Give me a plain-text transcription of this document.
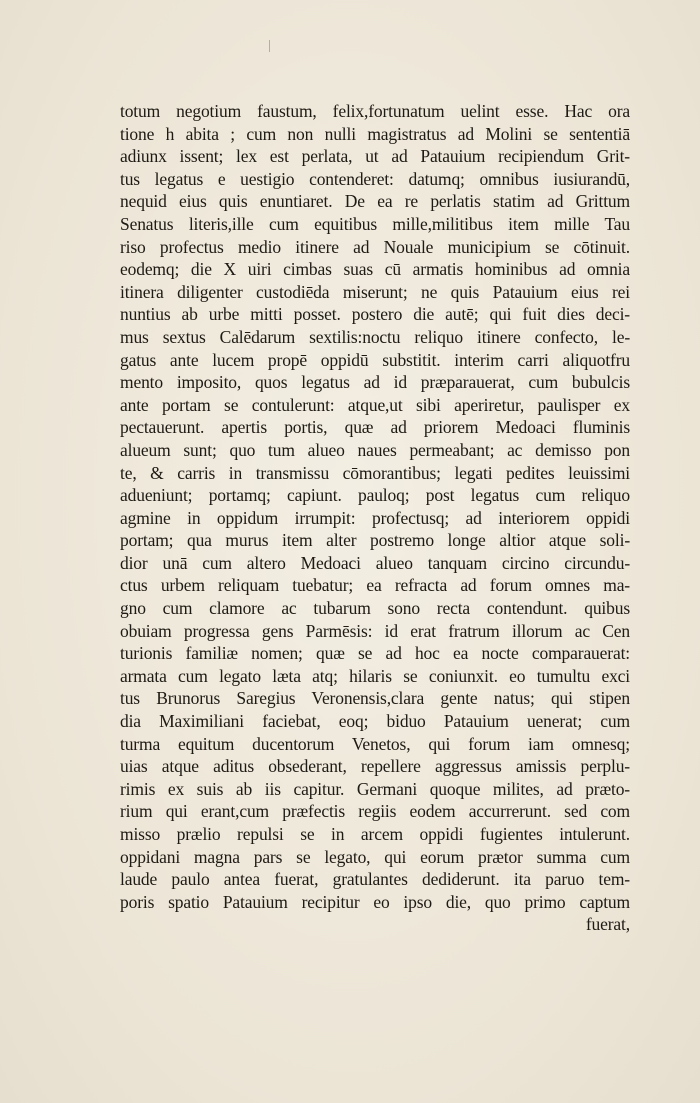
totum negotium faustum, felix,fortunatum uelint esse. Hac ora
tione h abita ; cum non nulli magistratus ad Molini se sententiā
adiunx issent; lex est perlata, ut ad Patauium recipiendum Grit-
tus legatus e uestigio contenderet: datumq; omnibus iusiurandū,
nequid eius quis enuntiaret. De ea re perlatis statim ad Grittum
Senatus literis,ille cum equitibus mille,militibus item mille Tau
riso profectus medio itinere ad Nouale municipium se cōtinuit.
eodemq; die X uiri cimbas suas cū armatis hominibus ad omnia
itinera diligenter custodiēda miserunt; ne quis Patauium eius rei
nuntius ab urbe mitti posset. postero die autē; qui fuit dies deci-
mus sextus Calēdarum sextilis:noctu reliquo itinere confecto, le-
gatus ante lucem propē oppidū substitit. interim carri aliquotfru
mento imposito, quos legatus ad id præparauerat, cum bubulcis
ante portam se contulerunt: atque,ut sibi aperiretur, paulisper ex
pectauerunt. apertis portis, quæ ad priorem Medoaci fluminis
alueum sunt; quo tum alueo naues permeabant; ac demisso pon
te, & carris in transmissu cōmorantibus; legati pedites leuissimi
adueniunt; portamq; capiunt. pauloq; post legatus cum reliquo
agmine in oppidum irrumpit: profectusq; ad interiorem oppidi
portam; qua murus item alter postremo longe altior atque soli-
dior unā cum altero Medoaci alueo tanquam circino circundu-
ctus urbem reliquam tuebatur; ea refracta ad forum omnes ma-
gno cum clamore ac tubarum sono recta contendunt. quibus
obuiam progressa gens Parmēsis: id erat fratrum illorum ac Cen
turionis familiæ nomen; quæ se ad hoc ea nocte comparauerat:
armata cum legato læta atq; hilaris se coniunxit. eo tumultu exci
tus Brunorus Saregius Veronensis,clara gente natus; qui stipen
dia Maximiliani faciebat, eoq; biduo Patauium uenerat; cum
turma equitum ducentorum Venetos, qui forum iam omnesq;
uias atque aditus obsederant, repellere aggressus amissis perplu-
rimis ex suis ab iis capitur. Germani quoque milites, ad præto-
rium qui erant,cum præfectis regiis eodem accurrerunt. sed com
misso prælio repulsi se in arcem oppidi fugientes intulerunt.
oppidani magna pars se legato, qui eorum prætor summa cum
laude paulo antea fuerat, gratulantes dediderunt. ita paruo tem-
poris spatio Patauium recipitur eo ipso die, quo primo captum
fuerat,
